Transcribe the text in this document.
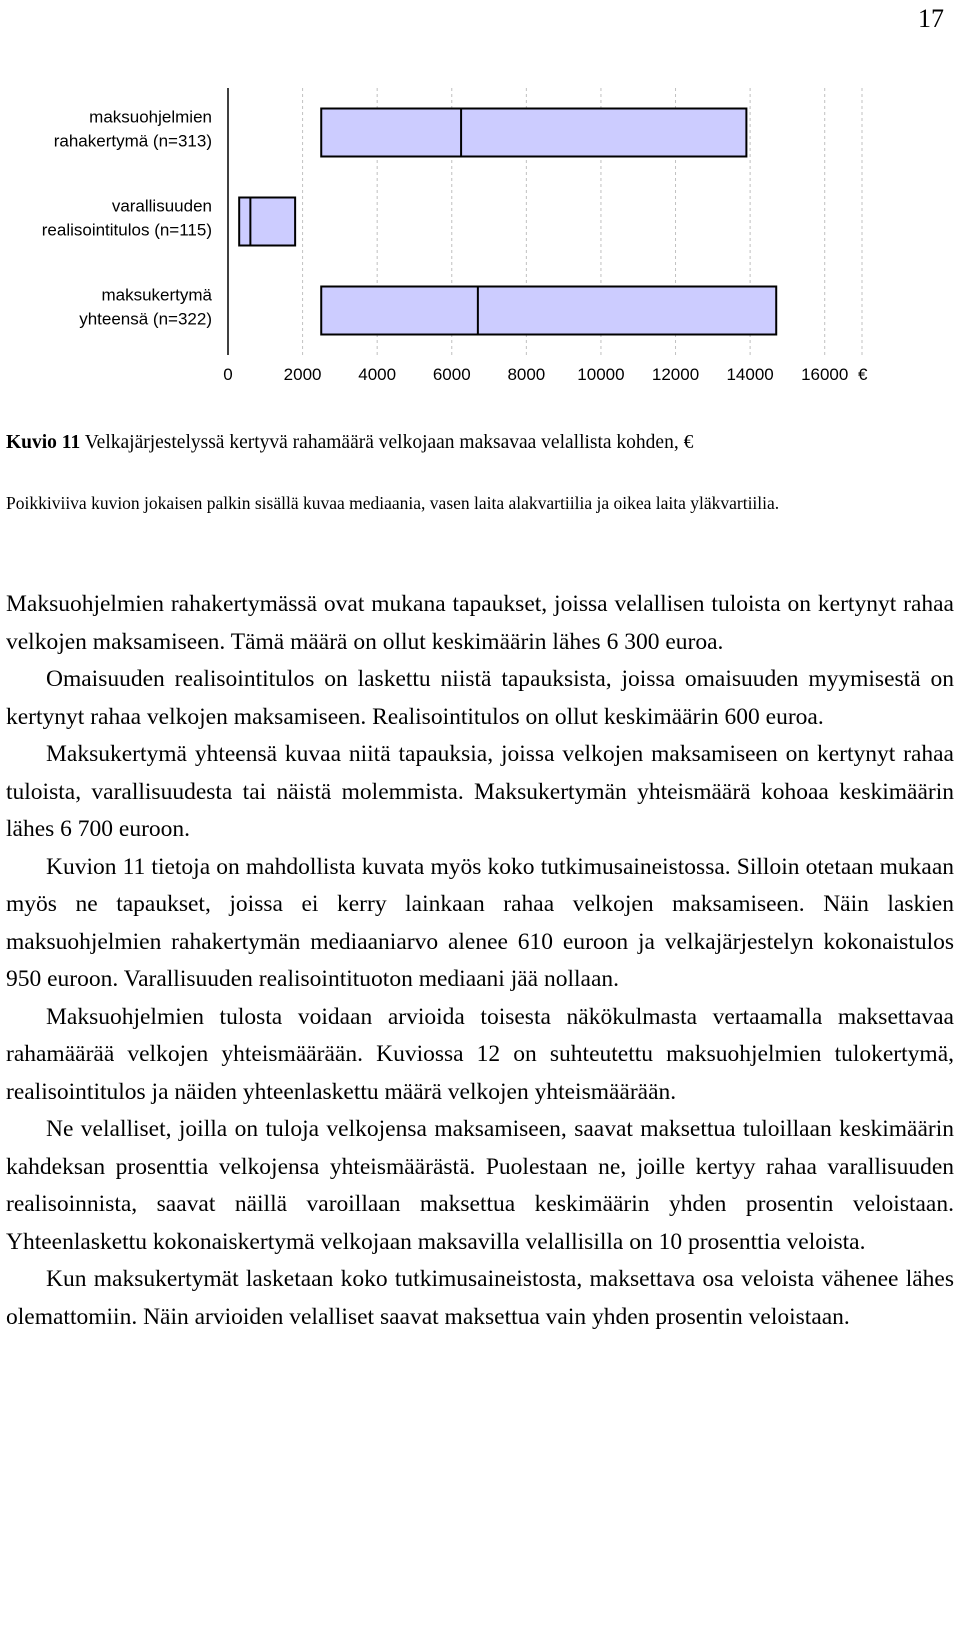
17
maksuohjelmien rahakertymä (n=313)
varallisuuden realisointitulos (n=115)
maksukertymä yhteensä (n=322)
0	2000 4000 6000 8000 10000 12000 14000 16000 €
Kuvio 11 Velkajärjestelyssä kertyvä rahamäärä velkojaan maksavaa velallista kohden, €
Poikkiviiva kuvion jokaisen palkin sisällä kuvaa mediaania, vasen laita alakvartiilia ja oikea laita yläkvartiilia.

Maksuohjelmien rahakertymässä ovat mukana tapaukset, joissa velallisen tuloista on kertynyt rahaa velkojen maksamiseen. Tämä määrä on ollut keskimäärin lähes 6 300 euroa.

Omaisuuden realisointitulos on laskettu niistä tapauksista, joissa omaisuuden myymisestä on kertynyt rahaa velkojen maksamiseen. Realisointitulos on ollut keskimäärin 600 euroa.

Maksukertymä yhteensä kuvaa niitä tapauksia, joissa velkojen maksamiseen on kertynyt rahaa tuloista, varallisuudesta tai näistä molemmista. Maksukertymän yhteismäärä kohoaa keskimäärin lähes 6 700 euroon.

Kuvion 11 tietoja on mahdollista kuvata myös koko tutkimusaineistossa. Silloin otetaan mukaan myös ne tapaukset, joissa ei kerry lainkaan rahaa velkojen maksamiseen. Näin laskien maksuohjelmien rahakertymän mediaaniarvo alenee 610 euroon ja velkajärjestelyn kokonaistulos 950 euroon. Varallisuuden realisointituoton mediaani jää nollaan.

Maksuohjelmien tulosta voidaan arvioida toisesta näkökulmasta vertaamalla maksettavaa rahamäärää velkojen yhteismäärään. Kuviossa 12 on suhteutettu maksuohjelmien tulokertymä, realisointitulos ja näiden yhteenlaskettu määrä velkojen yhteismäärään.

Ne velalliset, joilla on tuloja velkojensa maksamiseen, saavat maksettua tuloillaan keskimäärin kahdeksan prosenttia velkojensa yhteismäärästä. Puolestaan ne, joille kertyy rahaa varallisuuden realisoinnista, saavat näillä varoillaan maksettua keskimäärin yhden prosentin veloistaan. Yhteenlaskettu kokonaiskertymä velkojaan maksavilla velallisilla on 10 prosenttia veloista.

Kun maksukertymät lasketaan koko tutkimusaineistosta, maksettava osa veloista vähenee lähes olemattomiin. Näin arvioiden velalliset saavat maksettua vain yhden prosentin veloistaan.
